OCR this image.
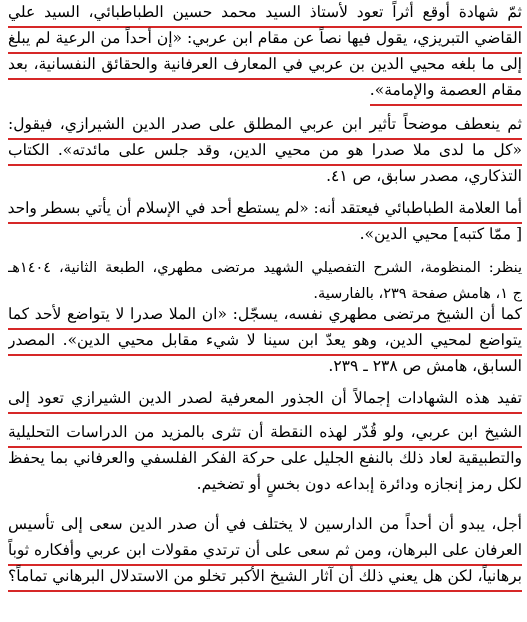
ثمّ شهادة أوقع أثراً تعود لأستاذ السيد محمد حسين الطباطبائي، السيد علي
القاضي التبريزي، يقول فيها نصاً عن مقام ابن عربي: «إن أحداً من الرعية لم يبلغ
إلى ما بلغه محيي الدين بن عربي في المعارف العرفانية والحقائق النفسانية، بعد
مقام العصمة والإمامة».
ثم ينعطف موضحاً تأثير ابن عربي المطلق على صدر الدين الشيرازي، فيقول:
«كل ما لدى ملا صدرا هو من محيي الدين، وقد جلس على مائدته». الكتاب
التذكاري، مصدر سابق، ص ٤١.
أما العلامة الطباطبائي فيعتقد أنه: «لم يستطع أحد في الإسلام أن يأتي بسطر واحد
[ ممّا كتبه] محيي الدين».
ينظر: المنظومة، الشرح التفصيلي الشهيد مرتضى مطهري، الطبعة الثانية، ١٤٠٤هـ
ج ١، هامش صفحة ٢٣٩، بالفارسية.
كما أن الشيخ مرتضى مطهري نفسه، يسجّل: «ان الملا صدرا لا يتواضع لأحد كما
يتواضع لمحيي الدين، وهو يعدّ ابن سينا لا شيء مقابل محيي الدين». المصدر
السابق، هامش ص ٢٣٨ ـ ٢٣٩.
تفيد هذه الشهادات إجمالاً أن الجذور المعرفية لصدر الدين الشيرازي تعود إلى
الشيخ ابن عربي، ولو قُدّر لهذه النقطة أن تثرى بالمزيد من الدراسات التحليلية
والتطبيقية لعاد ذلك بالنفع الجليل على حركة الفكر الفلسفي والعرفاني بما يحفظ
لكل رمز إنجازه ودائرة إبداعه دون بخسٍ أو تضخيم.
أجل، يبدو أن أحداً من الدارسين لا يختلف في أن صدر الدين سعى إلى تأسيس
العرفان على البرهان، ومن ثم سعى على أن ترتدي مقولات ابن عربي وأفكاره ثوباً
برهانياً، لكن هل يعني ذلك أن آثار الشيخ الأكبر تخلو من الاستدلال البرهاني تماماً؟
